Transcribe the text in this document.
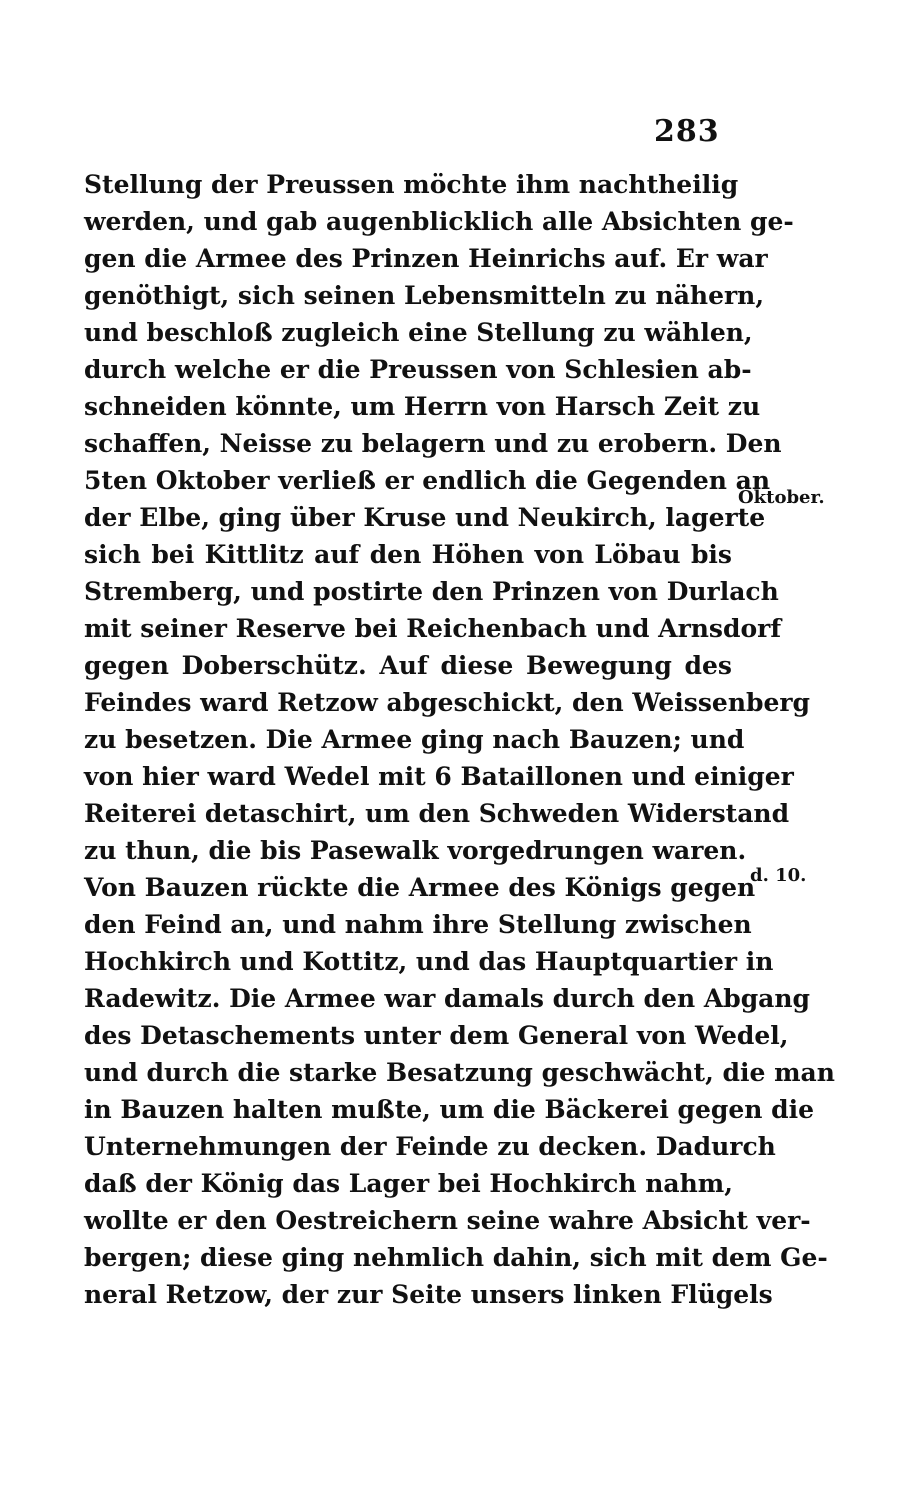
283
Stellung der Preussen möchte ihm nachtheilig
werden, und gab augenblicklich alle Absichten ge-
gen die Armee des Prinzen Heinrichs auf. Er war
genöthigt, sich seinen Lebensmitteln zu nähern,
und beschloß zugleich eine Stellung zu wählen,
durch welche er die Preussen von Schlesien ab-
schneiden könnte, um Herrn von Harsch Zeit zu
schaffen, Neisse zu belagern und zu erobern. Den
5ten Oktober verließ er endlich die Gegenden an
der Elbe, ging über Kruse und Neukirch, lagerte
sich bei Kittlitz auf den Höhen von Löbau bis
Stremberg, und postirte den Prinzen von Durlach
mit seiner Reserve bei Reichenbach und Arnsdorf
gegen Doberschütz. Auf diese Bewegung des
Feindes ward Retzow abgeschickt, den Weissenberg
zu besetzen. Die Armee ging nach Bauzen; und
von hier ward Wedel mit 6 Bataillonen und einiger
Reiterei detaschirt, um den Schweden Widerstand
zu thun, die bis Pasewalk vorgedrungen waren.
Von Bauzen rückte die Armee des Königs gegen
den Feind an, und nahm ihre Stellung zwischen
Hochkirch und Kottitz, und das Hauptquartier in
Radewitz. Die Armee war damals durch den Abgang
des Detaschements unter dem General von Wedel,
und durch die starke Besatzung geschwächt, die man
in Bauzen halten mußte, um die Bäckerei gegen die
Unternehmungen der Feinde zu decken. Dadurch
daß der König das Lager bei Hochkirch nahm,
wollte er den Oestreichern seine wahre Absicht ver-
bergen; diese ging nehmlich dahin, sich mit dem Ge-
neral Retzow, der zur Seite unsers linken Flügels
Oktober.
d. 10.
